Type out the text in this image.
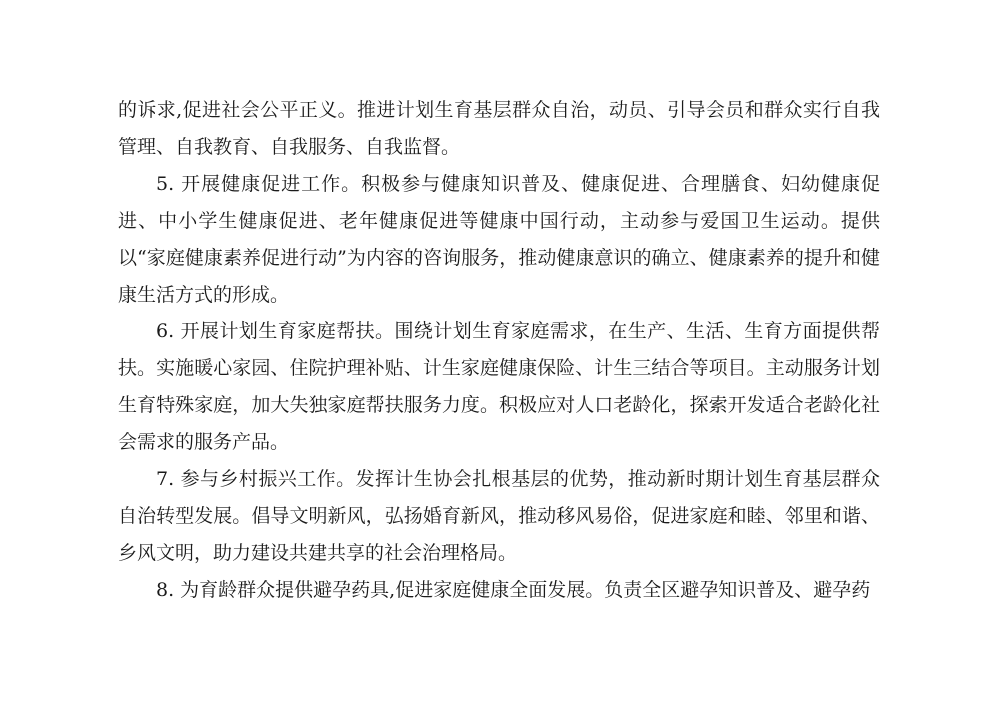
的诉求,促进社会公平正义。推进计划生育基层群众自治，动员、引导会员和群众实行自我管理、自我教育、自我服务、自我监督。

5. 开展健康促进工作。积极参与健康知识普及、健康促进、合理膳食、妇幼健康促进、中小学生健康促进、老年健康促进等健康中国行动，主动参与爱国卫生运动。提供以“家庭健康素养促进行动”为内容的咨询服务，推动健康意识的确立、健康素养的提升和健康生活方式的形成。

6. 开展计划生育家庭帮扶。围绕计划生育家庭需求，在生产、生活、生育方面提供帮扶。实施暖心家园、住院护理补贴、计生家庭健康保险、计生三结合等项目。主动服务计划生育特殊家庭，加大失独家庭帮扶服务力度。积极应对人口老龄化，探索开发适合老龄化社会需求的服务产品。

7. 参与乡村振兴工作。发挥计生协会扎根基层的优势，推动新时期计划生育基层群众自治转型发展。倡导文明新风，弘扬婚育新风，推动移风易俗，促进家庭和睦、邻里和谐、乡风文明，助力建设共建共享的社会治理格局。

8. 为育龄群众提供避孕药具,促进家庭健康全面发展。负责全区避孕知识普及、避孕药
